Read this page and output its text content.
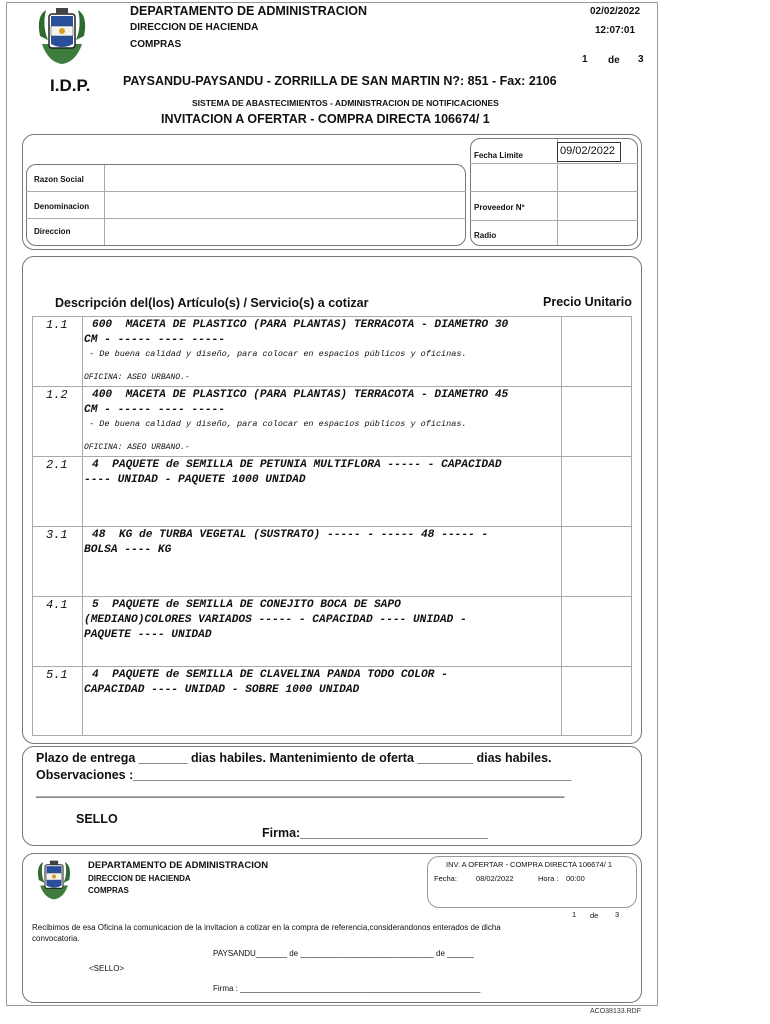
DEPARTAMENTO DE ADMINISTRACION
DIRECCION DE HACIENDA
COMPRAS
02/02/2022
12:07:01
1 de 3
I.D.P.	PAYSANDU-PAYSANDU - ZORRILLA DE SAN MARTIN N?: 851 - Fax: 2106
SISTEMA DE ABASTECIMIENTOS - ADMINISTRACION DE NOTIFICACIONES
INVITACION A OFERTAR - COMPRA DIRECTA 106674/ 1
Razon Social
Denominacion
Direccion
Fecha Limite	09/02/2022
Proveedor Nº
Radio
Descripción del(los) Artículo(s) / Servicio(s) a cotizar	Precio Unitario
1.1	600  MACETA DE PLASTICO (PARA PLANTAS) TERRACOTA - DIAMETRO 30
CM - ----- ---- -----
- De buena calidad y diseño, para colocar en espacios públicos y oficinas.
OFICINA: ASEO URBANO.-
1.2	400  MACETA DE PLASTICO (PARA PLANTAS) TERRACOTA - DIAMETRO 45
CM - ----- ---- -----
- De buena calidad y diseño, para colocar en espacios públicos y oficinas.
OFICINA: ASEO URBANO.-
2.1	4  PAQUETE de SEMILLA DE PETUNIA MULTIFLORA ----- - CAPACIDAD
---- UNIDAD - PAQUETE 1000 UNIDAD
3.1	48  KG de TURBA VEGETAL (SUSTRATO) ----- - ----- 48 ----- -
BOLSA ---- KG
4.1	5  PAQUETE de SEMILLA DE CONEJITO BOCA DE SAPO
(MEDIANO)COLORES VARIADOS ----- - CAPACIDAD ---- UNIDAD -
PAQUETE ---- UNIDAD
5.1	4  PAQUETE de SEMILLA DE CLAVELINA PANDA TODO COLOR -
CAPACIDAD ---- UNIDAD - SOBRE 1000 UNIDAD
Plazo de entrega _______ dias habiles. Mantenimiento de oferta ________ dias habiles.
Observaciones :_______________________________________________________________
____________________________________________________________________________
SELLO
Firma:___________________________
DEPARTAMENTO DE ADMINISTRACION
DIRECCION DE HACIENDA
COMPRAS
INV. A OFERTAR - COMPRA DIRECTA 106674/ 1
Fecha:	08/02/2022	Hora : 00:00
1 de 3
Recibimos de esa Oficina la comunicacion de la invitacion a cotizar en la compra de referencia,considerandonos enterados de dicha
convocatoria.
PAYSANDU_______ de ______________________________ de ______
<SELLO>
Firma : ______________________________________________________
ACO38133.RDF
